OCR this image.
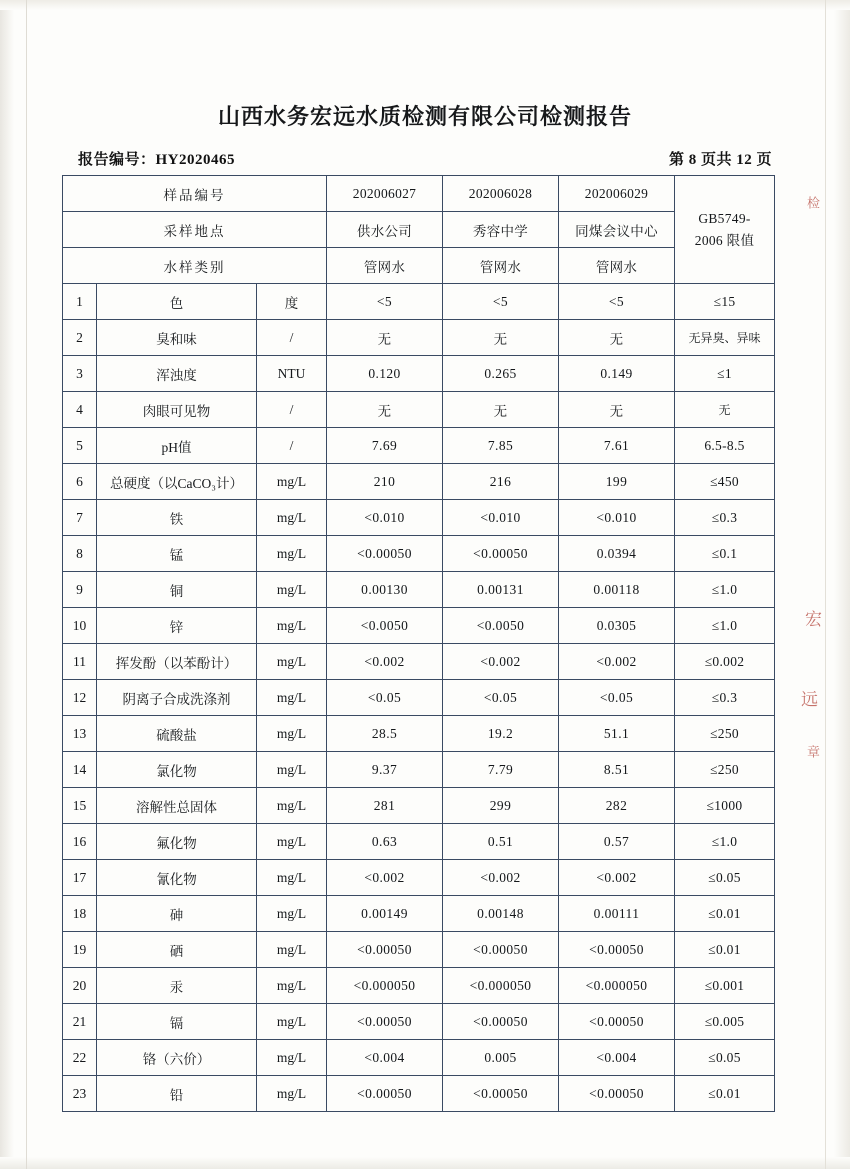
山西水务宏远水质检测有限公司检测报告
报告编号：HY2020465	第 8 页共 12 页
样品编号			202006027	202006028	202006029	GB5749-
2006 限值
采样地点			供水公司	秀容中学	同煤会议中心	
水样类别			管网水	管网水	管网水	
1	色	度	<5	<5	<5	≤15
2	臭和味	/	无	无	无	无异臭、异味
3	浑浊度	NTU	0.120	0.265	0.149	≤1
4	肉眼可见物	/	无	无	无	无
5	pH值	/	7.69	7.85	7.61	6.5-8.5
6	总硬度（以CaCO₃计）	mg/L	210	216	199	≤450
7	铁	mg/L	<0.010	<0.010	<0.010	≤0.3
8	锰	mg/L	<0.00050	<0.00050	0.0394	≤0.1
9	铜	mg/L	0.00130	0.00131	0.00118	≤1.0
10	锌	mg/L	<0.0050	<0.0050	0.0305	≤1.0
11	挥发酚（以苯酚计）	mg/L	<0.002	<0.002	<0.002	≤0.002
12	阴离子合成洗涤剂	mg/L	<0.05	<0.05	<0.05	≤0.3
13	硫酸盐	mg/L	28.5	19.2	51.1	≤250
14	氯化物	mg/L	9.37	7.79	8.51	≤250
15	溶解性总固体	mg/L	281	299	282	≤1000
16	氟化物	mg/L	0.63	0.51	0.57	≤1.0
17	氰化物	mg/L	<0.002	<0.002	<0.002	≤0.05
18	砷	mg/L	0.00149	0.00148	0.00111	≤0.01
19	硒	mg/L	<0.00050	<0.00050	<0.00050	≤0.01
20	汞	mg/L	<0.000050	<0.000050	<0.000050	≤0.001
21	镉	mg/L	<0.00050	<0.00050	<0.00050	≤0.005
22	铬（六价）	mg/L	<0.004	0.005	<0.004	≤0.05
23	铅	mg/L	<0.00050	<0.00050	<0.00050	≤0.01
检
宏
远
章
